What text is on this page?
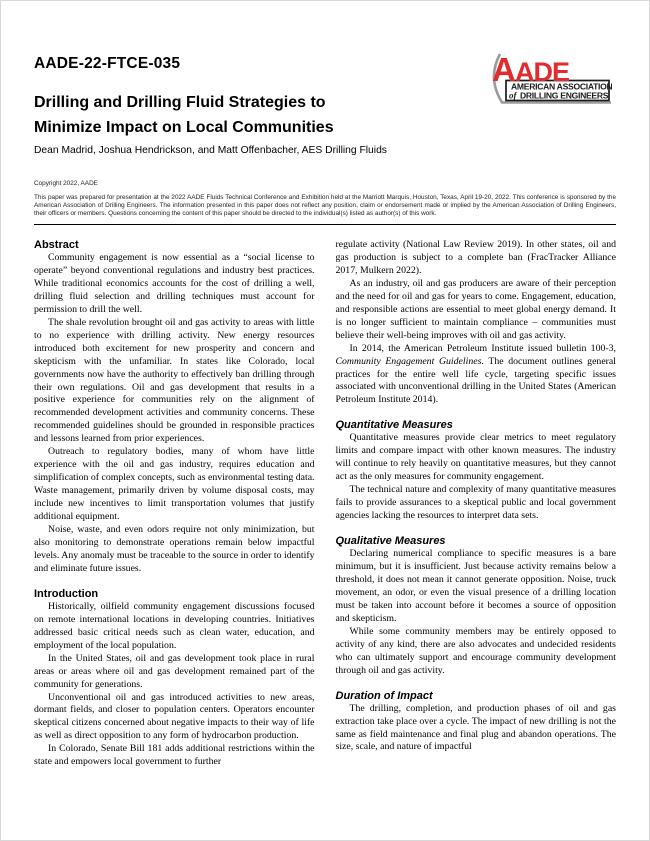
AADE-22-FTCE-035
Drilling and Drilling Fluid Strategies to
Minimize Impact on Local Communities
Dean Madrid, Joshua Hendrickson, and Matt Offenbacher, AES Drilling Fluids
A ADE
AMERICAN ASSOCIATION
of DRILLING ENGINEERS
Copyright 2022, AADE
This paper was prepared for presentation at the 2022 AADE Fluids Technical Conference and Exhibition held at the Marriott Marquis, Houston, Texas, April 19-20, 2022. This conference is sponsored by the American Association of Drilling Engineers. The information presented in this paper does not reflect any position, claim or endorsement made or implied by the American Association of Drilling Engineers, their officers or members. Questions concerning the content of this paper should be directed to the individual(s) listed as author(s) of this work.
Abstract

Community engagement is now essential as a “social license to operate” beyond conventional regulations and industry best practices. While traditional economics accounts for the cost of drilling a well, drilling fluid selection and drilling techniques must account for permission to drill the well.

The shale revolution brought oil and gas activity to areas with little to no experience with drilling activity. New energy resources introduced both excitement for new prosperity and concern and skepticism with the unfamiliar. In states like Colorado, local governments now have the authority to effectively ban drilling through their own regulations. Oil and gas development that results in a positive experience for communities rely on the alignment of recommended development activities and community concerns. These recommended guidelines should be grounded in responsible practices and lessons learned from prior experiences.

Outreach to regulatory bodies, many of whom have little experience with the oil and gas industry, requires education and simplification of complex concepts, such as environmental testing data. Waste management, primarily driven by volume disposal costs, may include new incentives to limit transportation volumes that justify additional equipment.

Noise, waste, and even odors require not only minimization, but also monitoring to demonstrate operations remain below impactful levels. Any anomaly must be traceable to the source in order to identify and eliminate future issues.

Introduction

Historically, oilfield community engagement discussions focused on remote international locations in developing countries. Initiatives addressed basic critical needs such as clean water, education, and employment of the local population.

In the United States, oil and gas development took place in rural areas or areas where oil and gas development remained part of the community for generations.

Unconventional oil and gas introduced activities to new areas, dormant fields, and closer to population centers. Operators encounter skeptical citizens concerned about negative impacts to their way of life as well as direct opposition to any form of hydrocarbon production.

In Colorado, Senate Bill 181 adds additional restrictions within the state and empowers local government to further

regulate activity (National Law Review 2019). In other states, oil and gas production is subject to a complete ban (FracTracker Alliance 2017, Mulkern 2022).

As an industry, oil and gas producers are aware of their perception and the need for oil and gas for years to come. Engagement, education, and responsible actions are essential to meet global energy demand. It is no longer sufficient to maintain compliance – communities must believe their well-being improves with oil and gas activity.

In 2014, the American Petroleum Institute issued bulletin 100-3, Community Engagement Guidelines. The document outlines general practices for the entire well life cycle, targeting specific issues associated with unconventional drilling in the United States (American Petroleum Institute 2014).

Quantitative Measures

Quantitative measures provide clear metrics to meet regulatory limits and compare impact with other known measures. The industry will continue to rely heavily on quantitative measures, but they cannot act as the only measures for community engagement.

The technical nature and complexity of many quantitative measures fails to provide assurances to a skeptical public and local government agencies lacking the resources to interpret data sets.

Qualitative Measures

Declaring numerical compliance to specific measures is a bare minimum, but it is insufficient. Just because activity remains below a threshold, it does not mean it cannot generate opposition. Noise, truck movement, an odor, or even the visual presence of a drilling location must be taken into account before it becomes a source of opposition and skepticism.

While some community members may be entirely opposed to activity of any kind, there are also advocates and undecided residents who can ultimately support and encourage community development through oil and gas activity.

Duration of Impact

The drilling, completion, and production phases of oil and gas extraction take place over a cycle. The impact of new drilling is not the same as field maintenance and final plug and abandon operations. The size, scale, and nature of impactful
